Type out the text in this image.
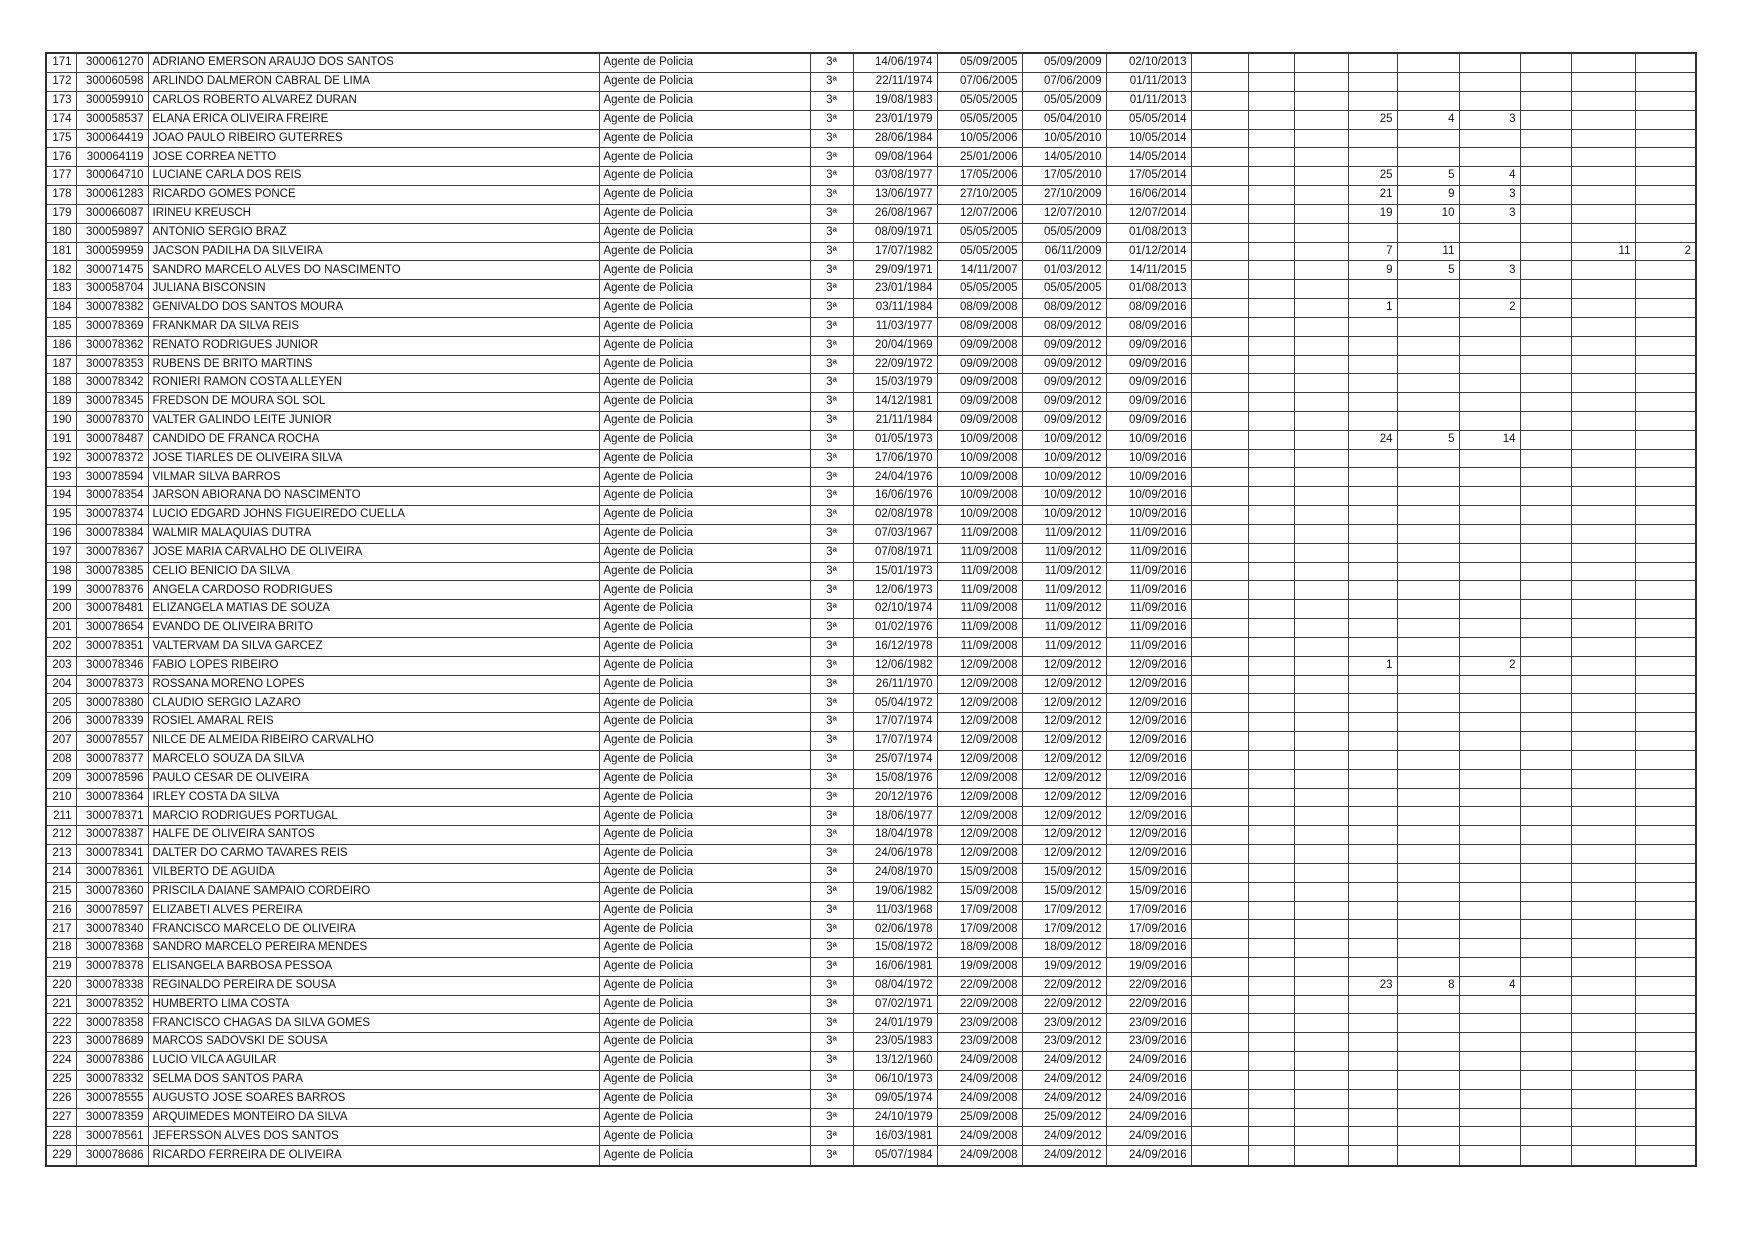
171	300061270	ADRIANO EMERSON ARAUJO DOS SANTOS	Agente de Policia	3ª	14/06/1974	05/09/2005	05/09/2009	02/10/2013									
172	300060598	ARLINDO DALMERON CABRAL DE LIMA	Agente de Policia	3ª	22/11/1974	07/06/2005	07/06/2009	01/11/2013									
173	300059910	CARLOS ROBERTO ALVAREZ DURAN	Agente de Policia	3ª	19/08/1983	05/05/2005	05/05/2009	01/11/2013									
174	300058537	ELANA ERICA OLIVEIRA FREIRE	Agente de Policia	3ª	23/01/1979	05/05/2005	05/04/2010	05/05/2014				25	4	3			
175	300064419	JOAO PAULO RIBEIRO GUTERRES	Agente de Policia	3ª	28/06/1984	10/05/2006	10/05/2010	10/05/2014									
176	300064119	JOSE CORREA NETTO	Agente de Policia	3ª	09/08/1964	25/01/2006	14/05/2010	14/05/2014									
177	300064710	LUCIANE CARLA DOS REIS	Agente de Policia	3ª	03/08/1977	17/05/2006	17/05/2010	17/05/2014				25	5	4			
178	300061283	RICARDO GOMES PONCE	Agente de Policia	3ª	13/06/1977	27/10/2005	27/10/2009	16/06/2014				21	9	3			
179	300066087	IRINEU KREUSCH	Agente de Policia	3ª	26/08/1967	12/07/2006	12/07/2010	12/07/2014				19	10	3			
180	300059897	ANTONIO SERGIO BRAZ	Agente de Policia	3ª	08/09/1971	05/05/2005	05/05/2009	01/08/2013									
181	300059959	JACSON PADILHA DA SILVEIRA	Agente de Policia	3ª	17/07/1982	05/05/2005	06/11/2009	01/12/2014				7	11			11	2
182	300071475	SANDRO MARCELO ALVES DO NASCIMENTO	Agente de Policia	3ª	29/09/1971	14/11/2007	01/03/2012	14/11/2015				9	5	3			
183	300058704	JULIANA BISCONSIN	Agente de Policia	3ª	23/01/1984	05/05/2005	05/05/2005	01/08/2013									
184	300078382	GENIVALDO DOS SANTOS MOURA	Agente de Policia	3ª	03/11/1984	08/09/2008	08/09/2012	08/09/2016				1		2			
185	300078369	FRANKMAR DA SILVA REIS	Agente de Policia	3ª	11/03/1977	08/09/2008	08/09/2012	08/09/2016									
186	300078362	RENATO RODRIGUES JUNIOR	Agente de Policia	3ª	20/04/1969	09/09/2008	09/09/2012	09/09/2016									
187	300078353	RUBENS DE BRITO MARTINS	Agente de Policia	3ª	22/09/1972	09/09/2008	09/09/2012	09/09/2016									
188	300078342	RONIERI RAMON COSTA ALLEYEN	Agente de Policia	3ª	15/03/1979	09/09/2008	09/09/2012	09/09/2016									
189	300078345	FREDSON DE MOURA SOL SOL	Agente de Policia	3ª	14/12/1981	09/09/2008	09/09/2012	09/09/2016									
190	300078370	VALTER GALINDO LEITE JUNIOR	Agente de Policia	3ª	21/11/1984	09/09/2008	09/09/2012	09/09/2016									
191	300078487	CANDIDO DE FRANCA ROCHA	Agente de Policia	3ª	01/05/1973	10/09/2008	10/09/2012	10/09/2016				24	5	14			
192	300078372	JOSE TIARLES DE OLIVEIRA SILVA	Agente de Policia	3ª	17/06/1970	10/09/2008	10/09/2012	10/09/2016									
193	300078594	VILMAR SILVA BARROS	Agente de Policia	3ª	24/04/1976	10/09/2008	10/09/2012	10/09/2016									
194	300078354	JARSON ABIORANA DO NASCIMENTO	Agente de Policia	3ª	16/06/1976	10/09/2008	10/09/2012	10/09/2016									
195	300078374	LUCIO EDGARD JOHNS FIGUEIREDO CUELLA	Agente de Policia	3ª	02/08/1978	10/09/2008	10/09/2012	10/09/2016									
196	300078384	WALMIR MALAQUIAS DUTRA	Agente de Policia	3ª	07/03/1967	11/09/2008	11/09/2012	11/09/2016									
197	300078367	JOSE MARIA CARVALHO DE OLIVEIRA	Agente de Policia	3ª	07/08/1971	11/09/2008	11/09/2012	11/09/2016									
198	300078385	CELIO BENICIO DA SILVA	Agente de Policia	3ª	15/01/1973	11/09/2008	11/09/2012	11/09/2016									
199	300078376	ANGELA CARDOSO RODRIGUES	Agente de Policia	3ª	12/06/1973	11/09/2008	11/09/2012	11/09/2016									
200	300078481	ELIZANGELA MATIAS DE SOUZA	Agente de Policia	3ª	02/10/1974	11/09/2008	11/09/2012	11/09/2016									
201	300078654	EVANDO DE OLIVEIRA BRITO	Agente de Policia	3ª	01/02/1976	11/09/2008	11/09/2012	11/09/2016									
202	300078351	VALTERVAM DA SILVA GARCEZ	Agente de Policia	3ª	16/12/1978	11/09/2008	11/09/2012	11/09/2016									
203	300078346	FABIO LOPES RIBEIRO	Agente de Policia	3ª	12/06/1982	12/09/2008	12/09/2012	12/09/2016				1		2			
204	300078373	ROSSANA MORENO LOPES	Agente de Policia	3ª	26/11/1970	12/09/2008	12/09/2012	12/09/2016									
205	300078380	CLAUDIO SERGIO LAZARO	Agente de Policia	3ª	05/04/1972	12/09/2008	12/09/2012	12/09/2016									
206	300078339	ROSIEL AMARAL REIS	Agente de Policia	3ª	17/07/1974	12/09/2008	12/09/2012	12/09/2016									
207	300078557	NILCE DE ALMEIDA RIBEIRO CARVALHO	Agente de Policia	3ª	17/07/1974	12/09/2008	12/09/2012	12/09/2016									
208	300078377	MARCELO SOUZA DA SILVA	Agente de Policia	3ª	25/07/1974	12/09/2008	12/09/2012	12/09/2016									
209	300078596	PAULO CESAR DE OLIVEIRA	Agente de Policia	3ª	15/08/1976	12/09/2008	12/09/2012	12/09/2016									
210	300078364	IRLEY COSTA DA SILVA	Agente de Policia	3ª	20/12/1976	12/09/2008	12/09/2012	12/09/2016									
211	300078371	MARCIO RODRIGUES PORTUGAL	Agente de Policia	3ª	18/06/1977	12/09/2008	12/09/2012	12/09/2016									
212	300078387	HALFE DE OLIVEIRA SANTOS	Agente de Policia	3ª	18/04/1978	12/09/2008	12/09/2012	12/09/2016									
213	300078341	DALTER DO CARMO TAVARES REIS	Agente de Policia	3ª	24/06/1978	12/09/2008	12/09/2012	12/09/2016									
214	300078361	VILBERTO DE AGUIDA	Agente de Policia	3ª	24/08/1970	15/09/2008	15/09/2012	15/09/2016									
215	300078360	PRISCILA DAIANE SAMPAIO CORDEIRO	Agente de Policia	3ª	19/06/1982	15/09/2008	15/09/2012	15/09/2016									
216	300078597	ELIZABETI ALVES PEREIRA	Agente de Policia	3ª	11/03/1968	17/09/2008	17/09/2012	17/09/2016									
217	300078340	FRANCISCO MARCELO DE OLIVEIRA	Agente de Policia	3ª	02/06/1978	17/09/2008	17/09/2012	17/09/2016									
218	300078368	SANDRO MARCELO PEREIRA MENDES	Agente de Policia	3ª	15/08/1972	18/09/2008	18/09/2012	18/09/2016									
219	300078378	ELISANGELA BARBOSA PESSOA	Agente de Policia	3ª	16/06/1981	19/09/2008	19/09/2012	19/09/2016									
220	300078338	REGINALDO PEREIRA DE SOUSA	Agente de Policia	3ª	08/04/1972	22/09/2008	22/09/2012	22/09/2016				23	8	4			
221	300078352	HUMBERTO LIMA COSTA	Agente de Policia	3ª	07/02/1971	22/09/2008	22/09/2012	22/09/2016									
222	300078358	FRANCISCO CHAGAS DA SILVA GOMES	Agente de Policia	3ª	24/01/1979	23/09/2008	23/09/2012	23/09/2016									
223	300078689	MARCOS SADOVSKI DE SOUSA	Agente de Policia	3ª	23/05/1983	23/09/2008	23/09/2012	23/09/2016									
224	300078386	LUCIO VILCA AGUILAR	Agente de Policia	3ª	13/12/1960	24/09/2008	24/09/2012	24/09/2016									
225	300078332	SELMA DOS SANTOS PARA	Agente de Policia	3ª	06/10/1973	24/09/2008	24/09/2012	24/09/2016									
226	300078555	AUGUSTO JOSE SOARES BARROS	Agente de Policia	3ª	09/05/1974	24/09/2008	24/09/2012	24/09/2016									
227	300078359	ARQUIMEDES MONTEIRO DA SILVA	Agente de Policia	3ª	24/10/1979	25/09/2008	25/09/2012	24/09/2016									
228	300078561	JEFERSSON ALVES DOS SANTOS	Agente de Policia	3ª	16/03/1981	24/09/2008	24/09/2012	24/09/2016									
229	300078686	RICARDO FERREIRA DE OLIVEIRA	Agente de Policia	3ª	05/07/1984	24/09/2008	24/09/2012	24/09/2016									
